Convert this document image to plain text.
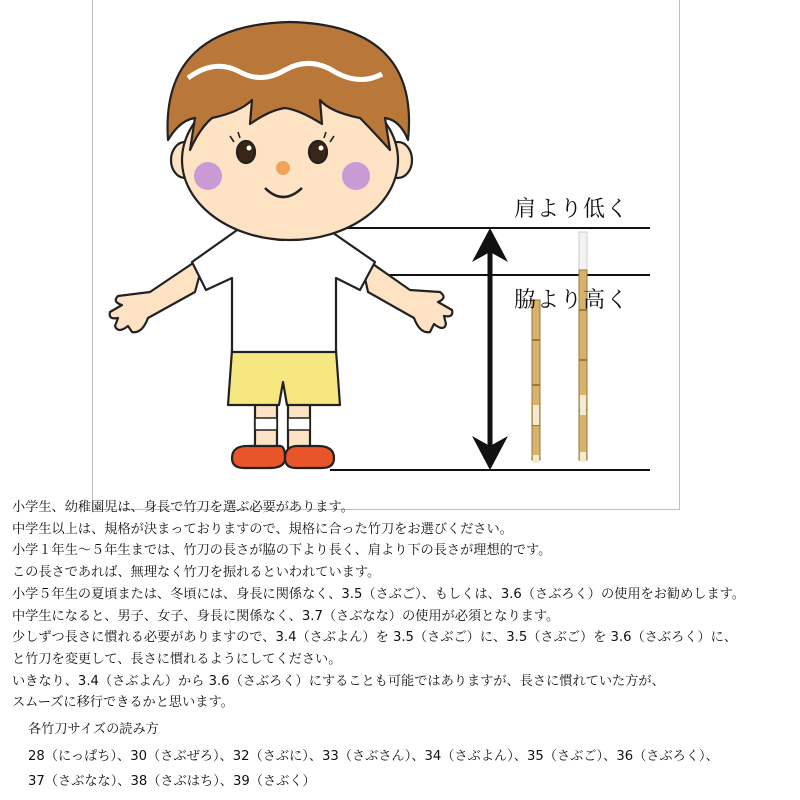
肩より低く
脇より高く
小学生、幼稚園児は、身長で竹刀を選ぶ必要があります。
中学生以上は、規格が決まっておりますので、規格に合った竹刀をお選びください。
小学１年生～５年生までは、竹刀の長さが脇の下より長く、肩より下の長さが理想的です。
この長さであれば、無理なく竹刀を振れるといわれています。
小学５年生の夏頃または、冬頃には、身長に関係なく、3.5（さぶご）、もしくは、3.6（さぶろく）の使用をお勧めします。
中学生になると、男子、女子、身長に関係なく、3.7（さぶなな）の使用が必須となります。
少しずつ長さに慣れる必要がありますので、3.4（さぶよん）を 3.5（さぶご）に、3.5（さぶご）を 3.6（さぶろく）に、
と竹刀を変更して、長さに慣れるようにしてください。
いきなり、3.4（さぶよん）から 3.6（さぶろく）にすることも可能ではありますが、長さに慣れていた方が、
スムーズに移行できるかと思います。
各竹刀サイズの読み方
28（にっぱち）、30（さぶぜろ）、32（さぶに）、33（さぶさん）、34（さぶよん）、35（さぶご）、36（さぶろく）、
37（さぶなな）、38（さぶはち）、39（さぶく）
